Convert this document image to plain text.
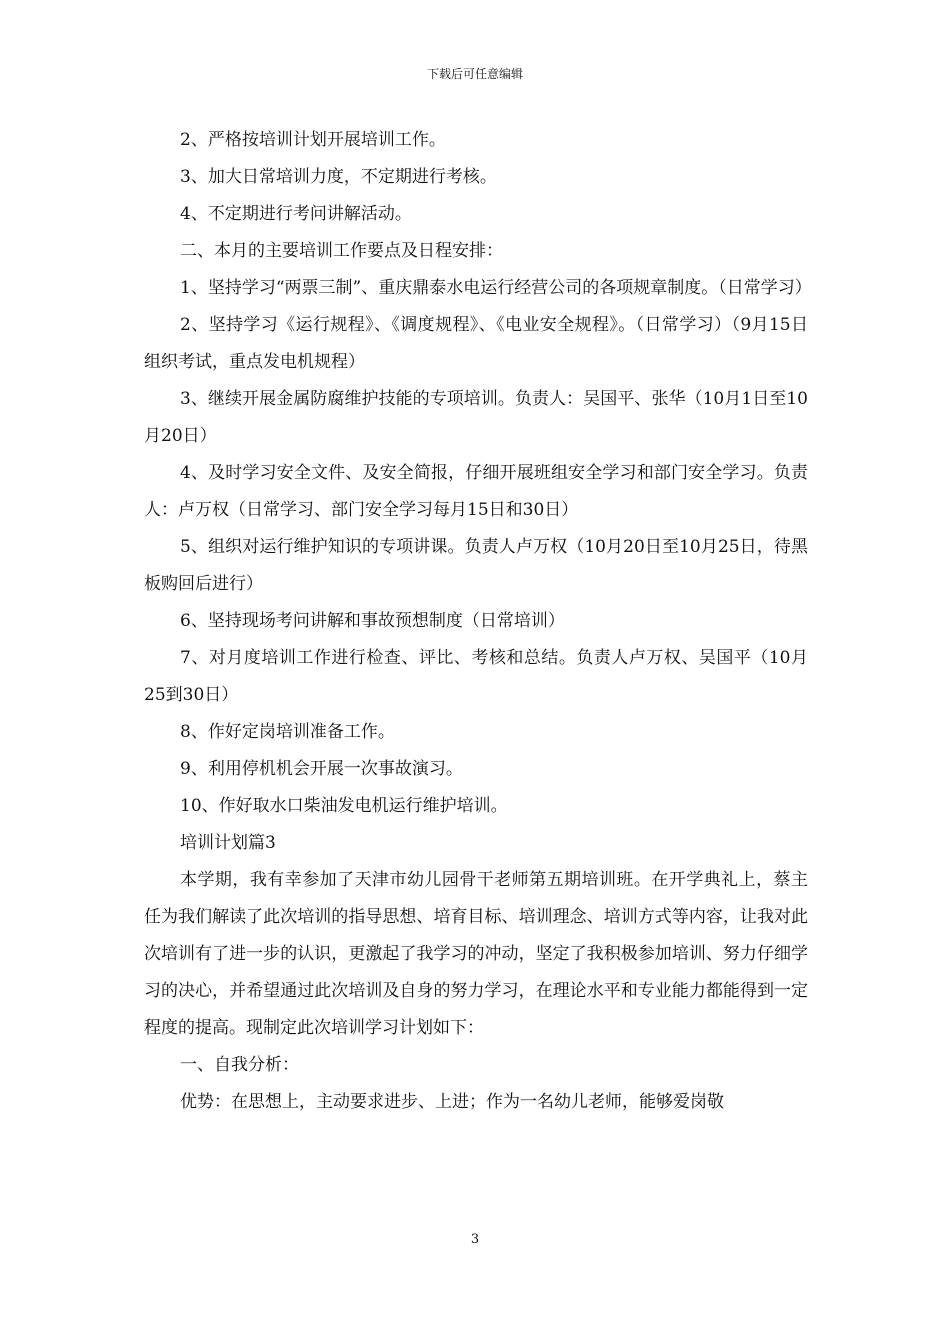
下载后可任意编辑

2、严格按培训计划开展培训工作。

3、加大日常培训力度，不定期进行考核。

4、不定期进行考问讲解活动。

二、本月的主要培训工作要点及日程安排：

1、坚持学习“两票三制”、重庆鼎泰水电运行经营公司的各项规章制度。（日常学习）

2、坚持学习《运行规程》、《调度规程》、《电业安全规程》。（日常学习）（9月15日组织考试，重点发电机规程）

3、继续开展金属防腐维护技能的专项培训。负责人：吴国平、张华（10月1日至10月20日）

4、及时学习安全文件、及安全简报，仔细开展班组安全学习和部门安全学习。负责人：卢万权（日常学习、部门安全学习每月15日和30日）

5、组织对运行维护知识的专项讲课。负责人卢万权（10月20日至10月25日，待黑板购回后进行）

6、坚持现场考问讲解和事故预想制度（日常培训）

7、对月度培训工作进行检查、评比、考核和总结。负责人卢万权、吴国平（10月25到30日）

8、作好定岗培训准备工作。

9、利用停机机会开展一次事故演习。

10、作好取水口柴油发电机运行维护培训。

培训计划篇3

本学期，我有幸参加了天津市幼儿园骨干老师第五期培训班。在开学典礼上，蔡主任为我们解读了此次培训的指导思想、培育目标、培训理念、培训方式等内容，让我对此次培训有了进一步的认识，更激起了我学习的冲动，坚定了我积极参加培训、努力仔细学习的决心，并希望通过此次培训及自身的努力学习，在理论水平和专业能力都能得到一定程度的提高。现制定此次培训学习计划如下：

一、自我分析：

优势：在思想上，主动要求进步、上进；作为一名幼儿老师，能够爱岗敬

3
